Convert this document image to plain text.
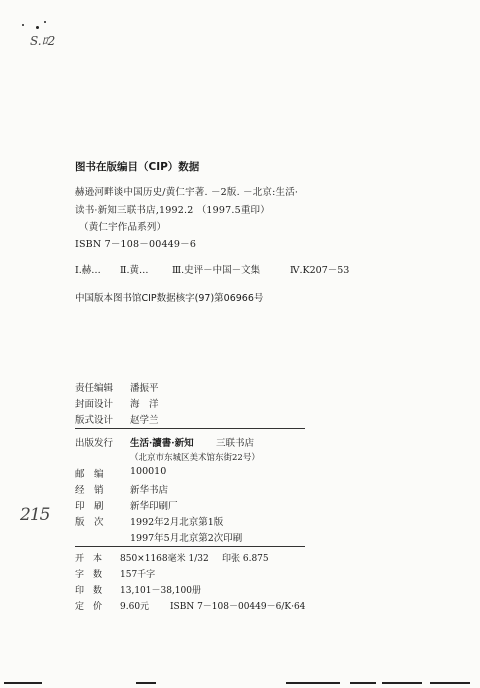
S.ﾛ2
215
图书在版编目（CIP）数据
赫逊河畔谈中国历史/黄仁宇著. －2版. －北京:生活·
读书·新知三联书店,1992.2 （1997.5重印）
（黄仁宇作品系列）
ISBN 7－108－00449－6
Ⅰ.赫… Ⅱ.黄… Ⅲ.史评－中国－文集	Ⅳ.K207－53
中国版本图书馆CIP数据核字(97)第06966号
责任编辑 潘振平
封面设计 海　洋
版式设计 赵学兰
出版发行 生活·讀書·新知 三联书店
（北京市东城区美术馆东街22号）
邮　编	100010
经　销	新华书店
印　刷	新华印刷厂
版　次	1992年2月北京第1版
1997年5月北京第2次印刷
开　本 850×1168毫米 1/32 印张 6.875
字　数 157千字
印　数 13,101－38,100册
定　价 9.60元 ISBN 7－108－00449－6/K·64
